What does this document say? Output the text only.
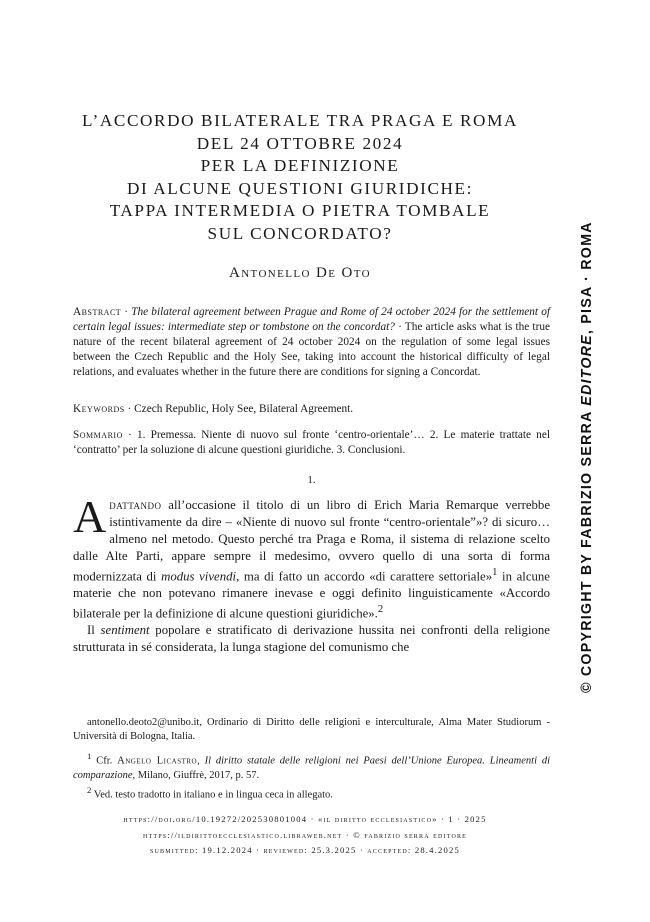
L’ACCORDO BILATERALE TRA PRAGA E ROMA
DEL 24 OTTOBRE 2024
PER LA DEFINIZIONE
DI ALCUNE QUESTIONI GIURIDICHE:
TAPPA INTERMEDIA O PIETRA TOMBALE
SUL CONCORDATO?
Antonello De Oto
Abstract · The bilateral agreement between Prague and Rome of 24 october 2024 for the settlement of certain legal issues: intermediate step or tombstone on the concordat? · The article asks what is the true nature of the recent bilateral agreement of 24 october 2024 on the regulation of some legal issues between the Czech Republic and the Holy See, taking into account the historical difficulty of legal relations, and evaluates whether in the future there are conditions for signing a Concordat.
Keywords · Czech Republic, Holy See, Bilateral Agreement.
Sommario · 1. Premessa. Niente di nuovo sul fronte ‘centro-orientale’… 2. Le materie trattate nel ‘contratto’ per la soluzione di alcune questioni giuridiche. 3. Conclusioni.
1.

Adattando all’occasione il titolo di un libro di Erich Maria Remarque verrebbe istintivamente da dire – «Niente di nuovo sul fronte “centro-orientale”»? di sicuro… almeno nel metodo. Questo perché tra Praga e Roma, il sistema di relazione scelto dalle Alte Parti, appare sempre il medesimo, ovvero quello di una sorta di forma modernizzata di modus vivendi, ma di fatto un accordo «di carattere settoriale»$^1$ in alcune materie che non potevano rimanere inevase e oggi definito linguisticamente «Accordo bilaterale per la definizione di alcune questioni giuridiche».$^2$

Il sentiment popolare e stratificato di derivazione hussita nei confronti della religione strutturata in sé considerata, la lunga stagione del comunismo che

antonello.deoto2@unibo.it, Ordinario di Diritto delle religioni e interculturale, Alma Mater Studiorum - Università di Bologna, Italia.

$^1$ Cfr. Angelo Licastro, Il diritto statale delle religioni nei Paesi dell’Unione Europea. Lineamenti di comparazione, Milano, Giuffrè, 2017, p. 57.

$^2$ Ved. testo tradotto in italiano e in lingua ceca in allegato.

https://doi.org/10.19272/202530801004 · «il diritto ecclesiastico» · 1 · 2025
https://ildirittoecclesiastico.libraweb.net · © fabrizio serra editore
submitted: 19.12.2024 · reviewed: 25.3.2025 · accepted: 28.4.2025
© COPYRIGHT BY FABRIZIO SERRA EDITORE, PISA · ROMA
